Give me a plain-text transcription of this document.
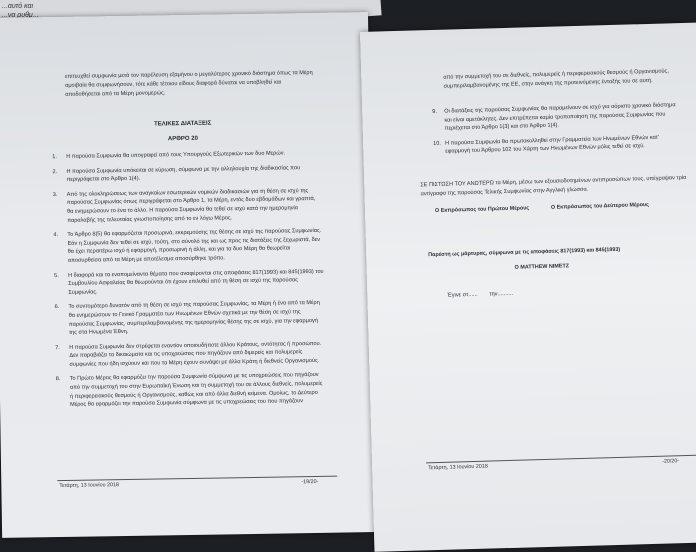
...αυτό και
...να ρυθμ...
επιτευχθεί συμφωνία μετά τον παρέλευση εξαμήνου ο μεγαλύτερος χρονικό διάστημα όπως τα Μέρη αμοιβαία θα συμφωνήσουν, τότε κάθε τέτοιου είδους διαφορά δύναται να υποβληθεί και αποδοθήσεται από τα Μέρη μονομερώς.
ΤΕΛΙΚΕΣ ΔΙΑΤΑΞΕΙΣ
ΑΡΘΡΟ 20
1. Η παρούσα Συμφωνία θα υπογραφεί από τους Υπουργούς Εξωτερικών των δυο Μερών.
2. Η παρούσα Συμφωνία υπόκειται σε κύρωση, σύμφωνα με την αλληλουχία της διαδικασίας που περιγράφεται στο Άρθρο 1(4).
3. Από της ολοκληρώσεως των αναγκαίων εσωτερικών νομικών διαδικασιών για τη θέση σε ισχύ της παρούσας Συμφωνίας όπως περιγράφεται στο Άρθρο 1, τα Μέρη, εντός δυο εβδομάδων και γραπτά, θα ενημερώσουν το ένα το άλλο. Η παρούσα Συμφωνία θα τεθεί σε ισχύ κατά την ημερομηνία παραλαβής της τελευταίας γνωστοποίησης από το εν λόγω Μέρος.
4. Το Άρθρο 8(5) θα εφαρμόζεται προσωρινά, εκκρεμούσης της θέσης σε ισχύ της παρούσας Συμφωνίας. Εάν η Συμφωνία δεν τεθεί σε ισχύ, τούτη, στο σύνολό της και ως προς τις διατάξεις της ξεχωριστά, δεν θα έχει περαιτέρω ισχύ ή εφαρμογή, προσωρινή ή άλλη, και για τα δυο Μέρη θα θεωρείται αποσυρθείσα από τα Μέρη με αποτέλεσμα αποσύρθηκε τρόπο.
5. Η διαφορά και τα εναπομείναντα θέματα που αναφέρονται στις αποφάσεις 817(1993) και 845(1993) του Συμβουλίου Ασφαλείας θα θεωρούνται ότι έχουν επιλυθεί από τη θέση σε ισχύ της παρούσας Συμφωνίας.
6. Το συντομότερο δυνατόν από τη θέση σε ισχύ της παρούσας Συμφωνίας, τα Μέρη ή ένα από τα Μέρη θα ενημερώσουν το Γενικό Γραμματέα των Ηνωμένων Εθνών σχετικά με την θέση σε ισχύ της παρούσας Συμφωνίας, συμπεριλαμβανομένης της ημερομηνίας θέσης της σε ισχύ, για την εφαρμογή της στα Ηνωμένα Έθνη.
7. Η παρούσα Συμφωνία δεν στρέφεται εναντίον οποιουδήποτε άλλου Κράτους, οντότητας ή προσώπου. Δεν παραβιάζει τα δικαιώματα και τις υποχρεώσεις που πηγάζουν από διμερείς και πολυμερείς συμφωνίες που ήδη ισχύουν και που τα Μέρη έχουν συνάψει με άλλα Κράτη ή διεθνείς Οργανισμούς.
8. Το Πρώτο Μέρος θα εφαρμόζει την παρούσα Συμφωνία σύμφωνα με τις υποχρεώσεις που πηγάζουν από την συμμετοχή του στην Ευρωπαϊκή Ένωση και τη συμμετοχή του σε άλλους διεθνείς, πολυμερείς ή περιφερειακούς θεσμούς ή Οργανισμούς, καθώς και από άλλα διεθνή κείμενα. Ομοίως, το Δεύτερο Μέρος θα εφαρμόζει την παρούσα Συμφωνία σύμφωνα με τις υποχρεώσεις του που πηγάζουν
Τετάρτη, 13 Ιουνίου 2018	-19/20-
από την συμμετοχή του σε διεθνείς, πολυμερείς ή περιφερειακούς θεσμούς ή Οργανισμούς, συμπεριλαμβανομένης της ΕΕ, στην ανάγκη της προτεινόμενης ένταξής του σε αυτή.
9. Οι διατάξεις της παρούσας Συμφωνίας θα παραμείνουν σε ισχύ για αόριστο χρονικό διάστημα και είναι αμετάκλητες. Δεν επιτρέπεται καμία τροποποίηση της παρούσας Συμφωνίας που περιέχεται στο Άρθρο 1(3) και στο Άρθρο 1(4).
10. Η παρούσα Συμφωνία θα πρωτοκολληθεί στην Γραμματεία των Ηνωμένων Εθνών κατ' εφαρμογή του Άρθρου 102 του Χάρτη των Ηνωμένων Εθνών μόλις τεθεί σε ισχύ.
ΣΕ ΠΙΣΤΩΣΗ ΤΟΥ ΑΝΩΤΕΡΩ τα Μέρη, μέσω των εξουσιοδοτημένων αντιπροσώπων τους, υπέγραψαν τρία αντίγραφα της παρούσας Τελικής Συμφωνίας στην Αγγλική γλώσσα.
Ο Εκπρόσωπος του Πρώτου Μέρους	Ο Εκπρόσωπος του Δεύτερου Μέρους
Παρέστη ως μάρτυρας, σύμφωνα με τις αποφάσεις 817(1993) και 845(1993)
Ο MATTHEW NIMETZ
Έγινε στ...... την..........
Τετάρτη, 13 Ιουνίου 2018
-20/20-
